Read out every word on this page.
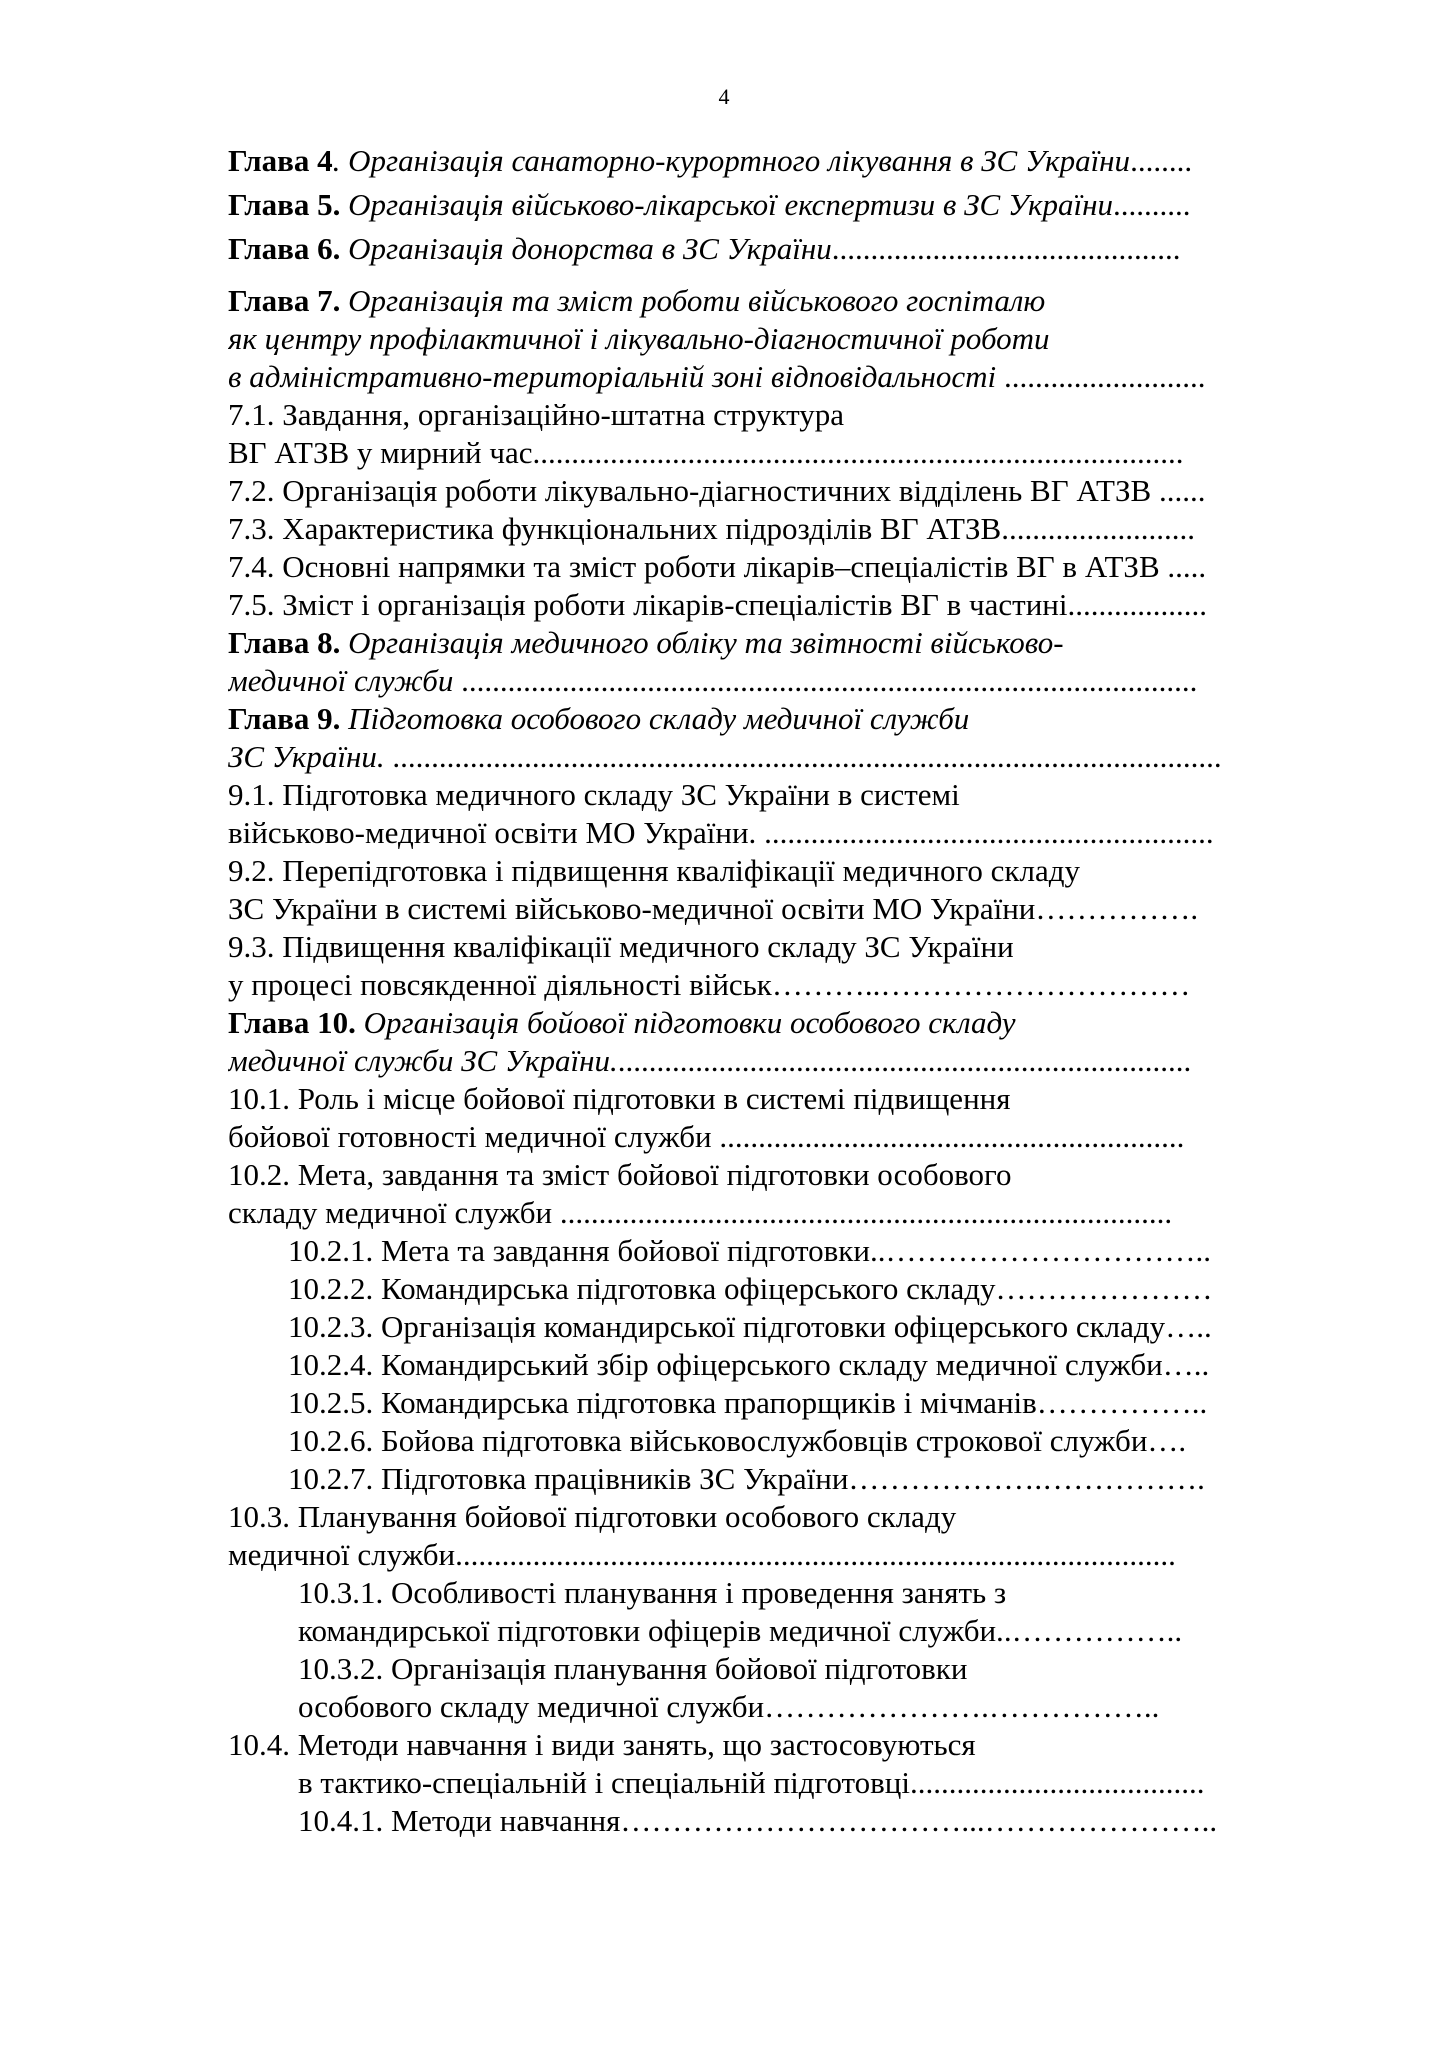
4
Глава 4. Організація санаторно-курортного лікування в ЗС України........
Глава 5. Організація військово-лікарської експертизи в ЗС України..........
Глава 6. Організація донорства в ЗС України.............................................
Глава 7. Організація та зміст роботи військового госпіталю
як центру профілактичної і лікувально-діагностичної роботи
в адміністративно-територіальній зоні відповідальності ..........................
7.1. Завдання, організаційно-штатна структура
ВГ АТЗВ у мирний час....................................................................................
7.2. Організація роботи лікувально-діагностичних відділень ВГ АТЗВ ......
7.3. Характеристика функціональних підрозділів ВГ АТЗВ.........................
7.4. Основні напрямки та зміст роботи лікарів–спеціалістів ВГ в АТЗВ .....
7.5. Зміст і організація роботи лікарів-спеціалістів ВГ в частині..................
Глава 8. Організація медичного обліку та звітності військово-
медичної служби ...............................................................................................
Глава 9. Підготовка особового складу медичної служби
ЗС України. ...........................................................................................................
9.1. Підготовка медичного складу ЗС України в системі
військово-медичної освіти МО України. ..........................................................
9.2. Перепідготовка і підвищення кваліфікації медичного складу
ЗС України в системі військово-медичної освіти МО України…………….
9.3. Підвищення кваліфікації медичного складу ЗС України
у процесі повсякденної діяльності військ………..…………………………
Глава 10. Організація бойової підготовки особового складу
медичної служби ЗС України...........................................................................
10.1. Роль і місце бойової підготовки в системі підвищення
бойової готовності медичної служби ............................................................
10.2. Мета, завдання та зміст бойової підготовки особового
складу медичної служби ...............................................................................
10.2.1. Мета та завдання бойової підготовки..…………………………..
10.2.2. Командирська підготовка офіцерського складу…………………
10.2.3. Організація командирської підготовки офіцерського складу…..
10.2.4. Командирський збір офіцерського складу медичної служби…..
10.2.5. Командирська підготовка прапорщиків і мічманів……………..
10.2.6. Бойова підготовка військовослужбовців строкової служби….
10.2.7. Підготовка працівників ЗС України……………….…………….
10.3. Планування бойової підготовки особового складу
медичної служби.............................................................................................
10.3.1. Особливості планування і проведення занять з
командирської підготовки офіцерів медичної служби..……………..
10.3.2. Організація планування бойової підготовки
особового складу медичної служби………………….……………..
10.4. Методи навчання і види занять, що застосовуються
в тактико-спеціальній і спеціальній підготовці......................................
10.4.1. Методи навчання……………………………...…………………..
